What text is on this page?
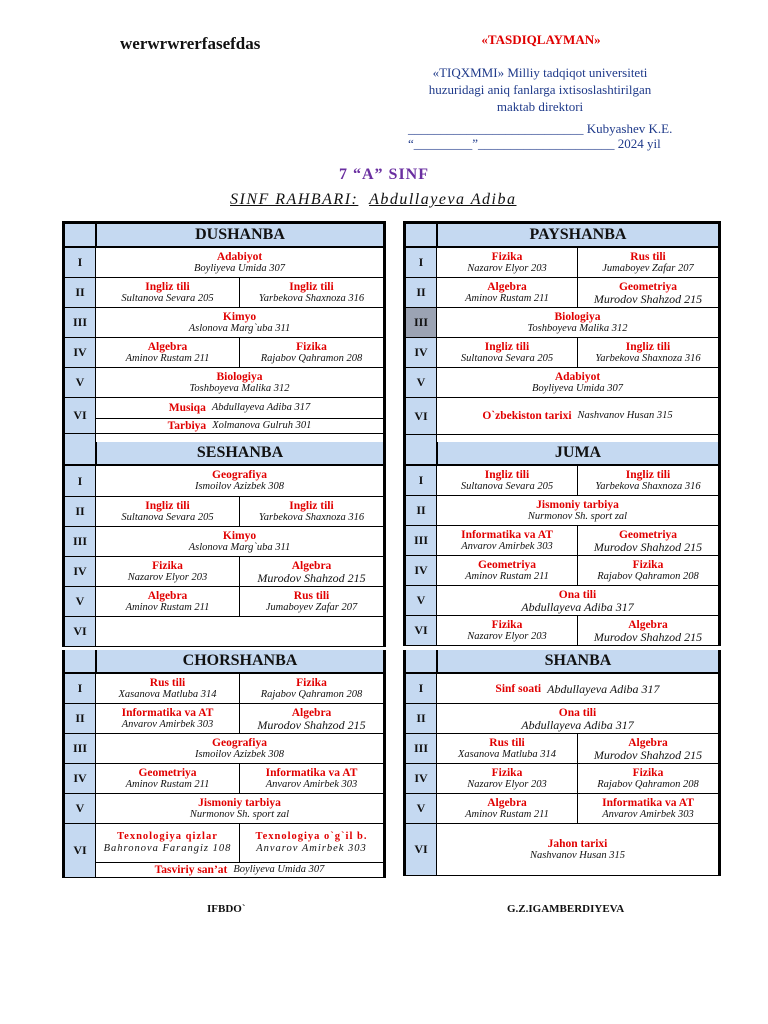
werwrwrerfasefdas	«TASDIQLAYMAN»
«TIQXMMI» Milliy tadqiqot universiteti
huzuridagi aniq fanlarga ixtisoslashtirilgan
maktab direktori
___________________________ Kubyashev K.E.
“_________”_____________________ 2024 yil
7 “A” SINF
SINF RAHBARI: Abdullayeva Adiba
DUSHANBA
I	Adabiyot
Boyliyeva Umida 307
II	Ingliz tili
Sultanova Sevara 205
Ingliz tili
Yarbekova Shaxnoza 316
III	Kimyo
Aslonova Marg`uba 311
IV	Algebra
Aminov Rustam 211
Fizika
Rajabov Qahramon 208
V	Biologiya
Toshboyeva Malika 312
VI	Musiqa Abdullayeva Adiba 317
Tarbiya Xolmanova Gulruh 301
SESHANBA
I	Geografiya
Ismoilov Azizbek 308
II	Ingliz tili
Sultanova Sevara 205
Ingliz tili
Yarbekova Shaxnoza 316
III	Kimyo
Aslonova Marg`uba 311
IV	Fizika
Nazarov Elyor 203
Algebra
Murodov Shahzod 215
V	Algebra
Aminov Rustam 211
Rus tili
Jumaboyev Zafar 207
VI
CHORSHANBA
I	Rus tili
Xasanova Matluba 314
Fizika
Rajabov Qahramon 208
II	Informatika va AT
Anvarov Amirbek 303
Algebra
Murodov Shahzod 215
III	Geografiya
Ismoilov Azizbek 308
IV	Geometriya
Aminov Rustam 211
Informatika va AT
Anvarov Amirbek 303
V	Jismoniy tarbiya
Nurmonov Sh. sport zal
VI
Texnologiya qizlar
Bahronova Farangiz 108
Texnologiya o`g`il b.
Anvarov Amirbek 303
Tasviriy san’at Boyliyeva Umida 307
PAYSHANBA
I	Fizika
Nazarov Elyor 203
Rus tili
Jumaboyev Zafar 207
II	Algebra
Aminov Rustam 211
Geometriya
Murodov Shahzod 215
III	Biologiya
Toshboyeva Malika 312
IV	Ingliz tili
Sultanova Sevara 205
Ingliz tili
Yarbekova Shaxnoza 316
V	Adabiyot
Boyliyeva Umida 307
VI	O`zbekiston tarixi Nashvanov Husan 315
JUMA
I	Ingliz tili
Sultanova Sevara 205
Ingliz tili
Yarbekova Shaxnoza 316
II	Jismoniy tarbiya
Nurmonov Sh. sport zal
III	Informatika va AT
Anvarov Amirbek 303
Geometriya
Murodov Shahzod 215
IV	Geometriya
Aminov Rustam 211
Fizika
Rajabov Qahramon 208
V	Ona tili
Abdullayeva Adiba 317
VI	Fizika
Nazarov Elyor 203
Algebra
Murodov Shahzod 215
SHANBA
I	Sinf soati Abdullayeva Adiba 317
II	Ona tili
Abdullayeva Adiba 317
III	Rus tili
Xasanova Matluba 314
Algebra
Murodov Shahzod 215
IV	Fizika
Nazarov Elyor 203
Fizika
Rajabov Qahramon 208
V	Algebra
Aminov Rustam 211
Informatika va AT
Anvarov Amirbek 303
VI	Jahon tarixi
Nashvanov Husan 315
IFBDO`	G.Z.IGAMBERDIYEVA
